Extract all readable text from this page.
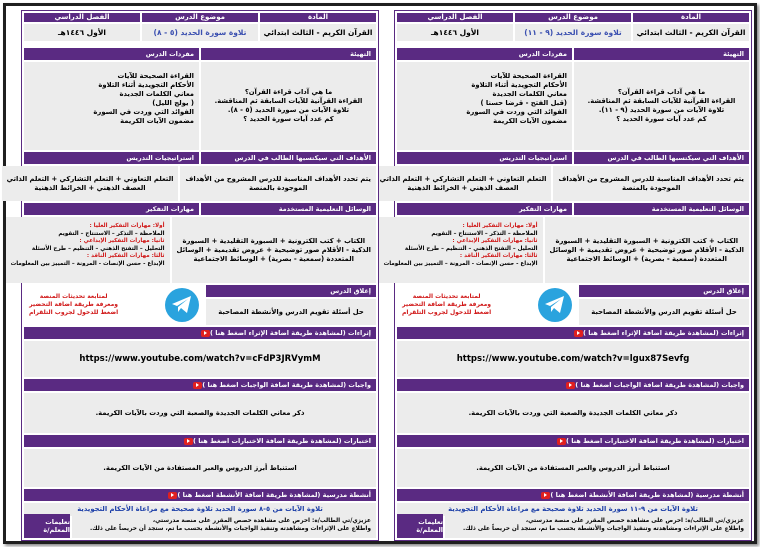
المادة
موضوع الدرس
الفصل الدراسي
القرآن الكريم - الثالث ابتدائي
تلاوة سورة الحديد (٩ - ١١)
الأول ١٤٤٦هـ
التهيئة
مفردات الدرس

ما هي آداب قراءة القرآن؟

القراءة القرآنية للآيات السابقة ثم المناقشة.

تلاوة الآيات من سورة الحديد (٩ - ١١).

كم عدد آيات سورة الحديد ؟

القراءة الصحيحة للآيات

الأحكام التجويدية أثناء التلاوة

معاني الكلمات الجديدة

(قبل الفتح - قرضا حسنا )

الفوائد التي وردت في السورة

مضمون الآيات الكريمة

الأهداف التي سيكتسبها الطالب في الدرس
استراتيجيات التدريس

يتم تحدد الأهداف المناسبة للدرس المشروح من الأهداف

الموجودة بالمنصة

التعلم التعاوني + التعلم التشاركي + التعلم الذاتي

العصف الذهني + الخرائط الذهنية

الوسائل التعليمية المستخدمة
مهارات التفكير

الكتاب + كتب الكترونية + السبورة التقليدية + السبورة

الذكية - الأقلام صور توضيحية + عروض تقديمية + الوسائل

المتعددة (سمعية - بصرية) + الوسائط الاجتماعية

أولا: مهارات التفكير العليا :

الملاحظة – التذكر – الاستنتاج – التقويم

ثانيا: مهارات التفكير الإبداعي :

التحليل – التفتح الذهني – التنظيم – طرح الأسئلة

ثالثا: مهارات التفكير الناقد :

الإبداع - حسن الإنصات - المرونة – التمييز بين المعلومات

إغلاق الدرس
حل أسئلة تقويم الدرس والأنشطة المصاحبة

لمتابعة تحديثات المنصة

ومعرفة طريقة اضافة التحضير

اضغط للدخول لجروب التلقرام

إثراءات (لمشاهدة طريقة اضافة الإثراء اضغط هنا )
https://www.youtube.com/watch?v=lgux87Sevfg
واجبات (لمشاهدة طريقة اضافة الواجبات اضغط هنا )
ذكر معاني الكلمات الجديدة والصعبة التي وردت بالآيات الكريمة.
اختبارات (لمشاهدة طريقة اضافة الاختبارات اضغط هنا )
استنباط أبرز الدروس والعبر المستفادة من الآيات الكريمة.
أنشطة مدرسية (لمشاهدة طريقة اضافة الأنشطة اضغط هنا )
تلاوة الآيات من ٩-١١ سورة الحديد تلاوة صحيحة مع مراعاة الأحكام التجويدية

عزيزي/تي الطالب/ة: احرص على مشاهدة حصص المقرر على منصة مدرستي،

واطلاع على الإثراءات ومشاهدته وتنفيذ الواجبات والأنشطة بحسب ما تم، ستجد أن حريصاً على ذلك.

تعليمات المعلم/ة
المادة
موضوع الدرس
الفصل الدراسي
القرآن الكريم - الثالث ابتدائي
تلاوة سورة الحديد (٥ - ٨)
الأول ١٤٤٦هـ
التهيئة
مفردات الدرس

ما هي آداب قراءة القرآن؟

القراءة القرآنية للآيات السابقة ثم المناقشة.

تلاوة الآيات من سورة الحديد (٥ - ٨).

كم عدد آيات سورة الحديد ؟

القراءة الصحيحة للآيات

الأحكام التجويدية أثناء التلاوة

معاني الكلمات الجديدة

( يولج الليل)

الفوائد التي وردت في السورة

مضمون الآيات الكريمة

الأهداف التي سيكتسبها الطالب في الدرس
استراتيجيات التدريس

يتم تحدد الأهداف المناسبة للدرس المشروح من الأهداف

الموجودة بالمنصة

التعلم التعاوني + التعلم التشاركي + التعلم الذاتي

العصف الذهني + الخرائط الذهنية

الوسائل التعليمية المستخدمة
مهارات التفكير

الكتاب + كتب الكترونية + السبورة التقليدية + السبورة

الذكية - الأقلام صور توضيحية + عروض تقديمية + الوسائل

المتعددة (سمعية - بصرية) + الوسائط الاجتماعية

أولا: مهارات التفكير العليا :

الملاحظة – التذكر – الاستنتاج – التقويم

ثانيا: مهارات التفكير الإبداعي :

التحليل – التفتح الذهني – التنظيم – طرح الأسئلة

ثالثا: مهارات التفكير الناقد :

الإبداع - حسن الإنصات - المرونة – التمييز بين المعلومات

إغلاق الدرس
حل أسئلة تقويم الدرس والأنشطة المصاحبة

لمتابعة تحديثات المنصة

ومعرفة طريقة اضافة التحضير

اضغط للدخول لجروب التلقرام

إثراءات (لمشاهدة طريقة اضافة الإثراء اضغط هنا )
https://www.youtube.com/watch?v=cFdP3JRVymM
واجبات (لمشاهدة طريقة اضافة الواجبات اضغط هنا )
ذكر معاني الكلمات الجديدة والصعبة التي وردت بالآيات الكريمة.
اختبارات (لمشاهدة طريقة اضافة الاختبارات اضغط هنا )
استنباط أبرز الدروس والعبر المستفادة من الآيات الكريمة.
أنشطة مدرسية (لمشاهدة طريقة اضافة الأنشطة اضغط هنا )
تلاوة الآيات من ٥-٨ سورة الحديد تلاوة صحيحة مع مراعاة الأحكام التجويدية

عزيزي/تي الطالب/ة: احرص على مشاهدة حصص المقرر على منصة مدرستي،

واطلاع على الإثراءات ومشاهدته وتنفيذ الواجبات والأنشطة بحسب ما تم، ستجد أن حريصاً على ذلك.

تعليمات المعلم/ة
